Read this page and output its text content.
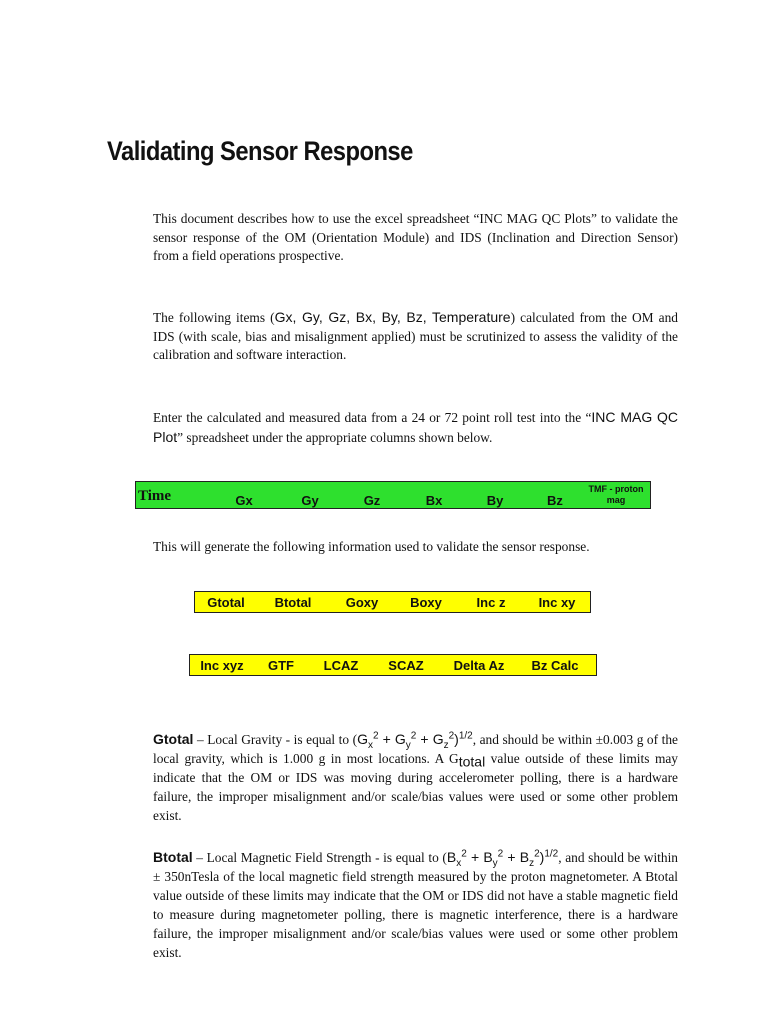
Validating Sensor Response

This document describes how to use the excel spreadsheet “INC MAG QC Plots” to validate the sensor response of the OM (Orientation Module) and IDS (Inclination and Direction Sensor) from a field operations prospective.

The following items (Gx, Gy, Gz, Bx, By, Bz, Temperature) calculated from the OM and IDS (with scale, bias and misalignment applied) must be scrutinized to assess the validity of the calibration and software interaction.

Enter the calculated and measured data from a 24 or 72 point roll test into the “INC MAG QC Plot” spreadsheet under the appropriate columns shown below.

Time	Gx	Gy	Gz	Bx	By	Bz
TMF - proton mag

This will generate the following information used to validate the sensor response.

Gtotal	Btotal	Goxy	Boxy	Inc z	Inc xy
Inc xyz	GTF	LCAZ	SCAZ	Delta Az	Bz Calc

Gtotal – Local Gravity - is equal to $(G_x^2 + G_y^2 + G_z^2)^{1/2}$, and should be within ±0.003 g of the local gravity, which is 1.000 g in most locations. A $G_{total}$ value outside of these limits may indicate that the OM or IDS was moving during accelerometer polling, there is a hardware failure, the improper misalignment and/or scale/bias values were used or some other problem exist.

Btotal – Local Magnetic Field Strength - is equal to $(B_x^2 + B_y^2 + B_z^2)^{1/2}$, and should be within ± 350nTesla of the local magnetic field strength measured by the proton magnetometer. A Btotal value outside of these limits may indicate that the OM or IDS did not have a stable magnetic field to measure during magnetometer polling, there is magnetic interference, there is a hardware failure, the improper misalignment and/or scale/bias values were used or some other problem exist.
